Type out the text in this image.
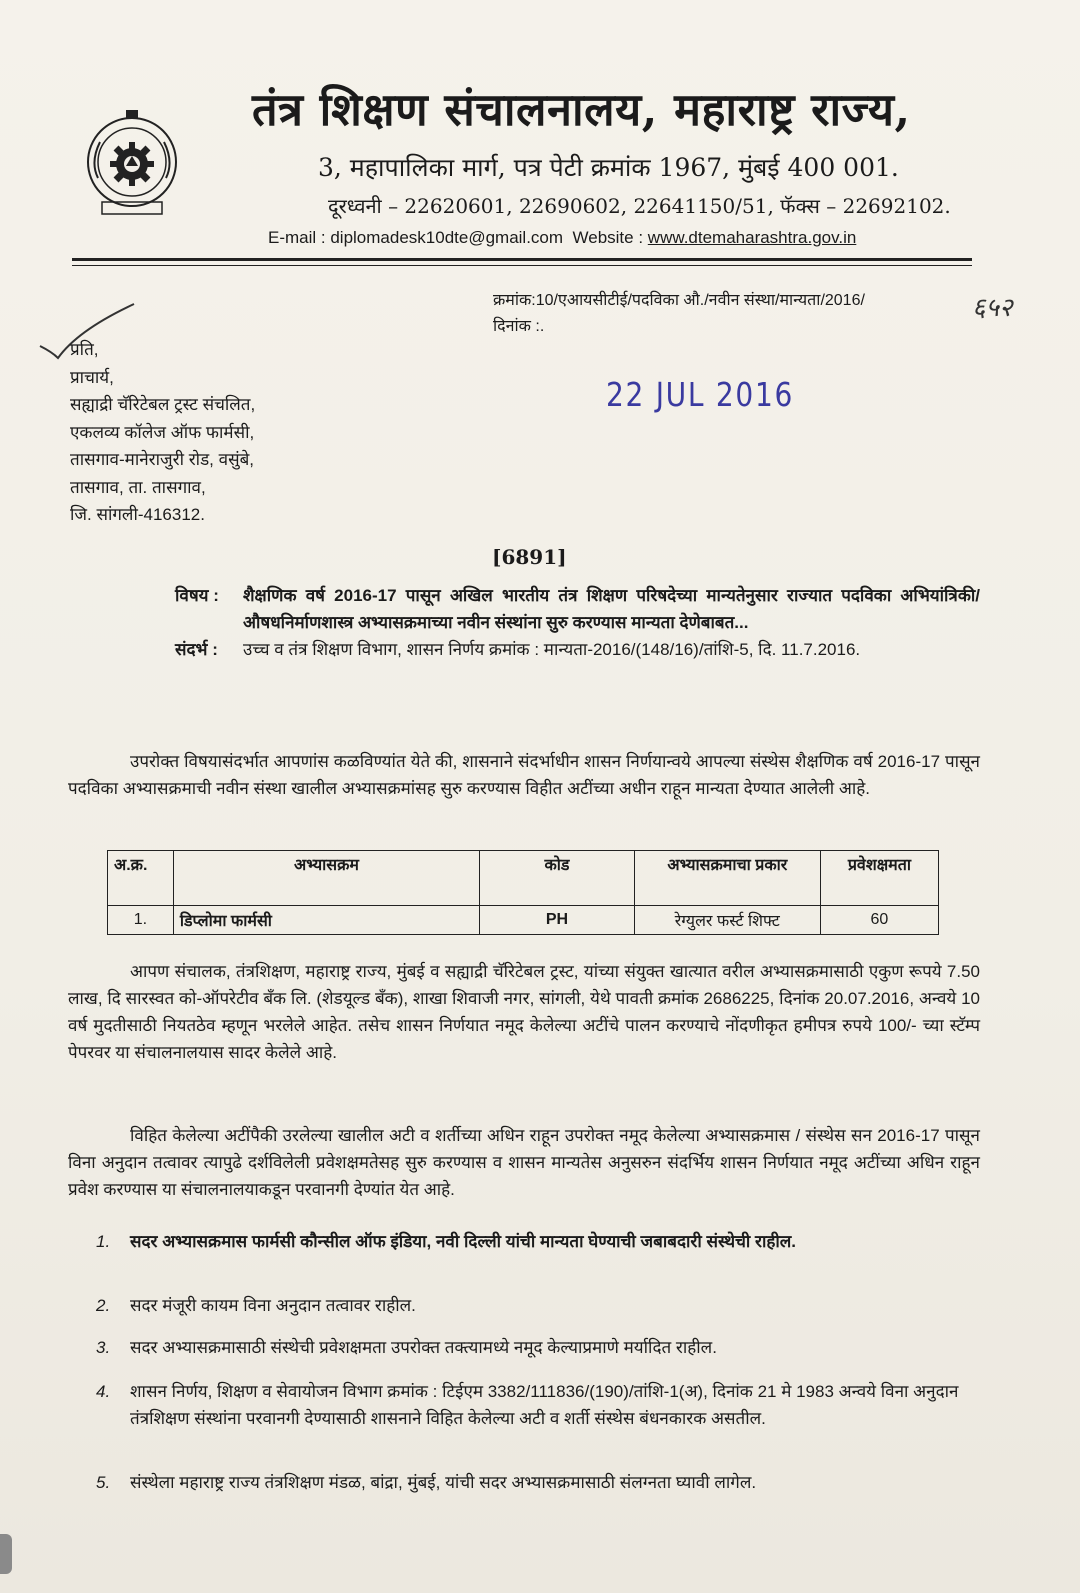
तंत्र शिक्षण संचालनालय, महाराष्ट्र राज्य,
3, महापालिका मार्ग, पत्र पेटी क्रमांक 1967, मुंबई 400 001.
दूरध्वनी – 22620601, 22690602, 22641150/51, फॅक्स – 22692102.
E-mail : diplomadesk10dte@gmail.com Website : www.dtemaharashtra.gov.in
क्रमांक:10/एआयसीटीई/पदविका औ./नवीन संस्था/मान्यता/2016/	६५२
दिनांक :.
22 JUL 2016
प्रति,
प्राचार्य,
सह्याद्री चॅरिटेबल ट्रस्ट संचलित,
एकलव्य कॉलेज ऑफ फार्मसी,
तासगाव-मानेराजुरी रोड, वसुंबे,
तासगाव, ता. तासगाव,
जि. सांगली-416312.
[6891]
विषय :	शैक्षणिक वर्ष 2016-17 पासून अखिल भारतीय तंत्र शिक्षण परिषदेच्या मान्यतेनुसार राज्यात पदविका अभियांत्रिकी/ औषधनिर्माणशास्त्र अभ्यासक्रमाच्या नवीन संस्थांना सुरु करण्यास मान्यता देणेबाबत...
संदर्भ :	उच्च व तंत्र शिक्षण विभाग, शासन निर्णय क्रमांक : मान्यता-2016/(148/16)/तांशि-5, दि. 11.7.2016.
उपरोक्त विषयासंदर्भात आपणांस कळविण्यांत येते की, शासनाने संदर्भाधीन शासन निर्णयान्वये आपल्या संस्थेस शैक्षणिक वर्ष 2016-17 पासून पदविका अभ्यासक्रमाची नवीन संस्था खालील अभ्यासक्रमांसह सुरु करण्यास विहीत अटींच्या अधीन राहून मान्यता देण्यात आलेली आहे.
अ.क्र.	अभ्यासक्रम	कोड	अभ्यासक्रमाचा प्रकार	प्रवेशक्षमता
1.	डिप्लोमा फार्मसी	PH	रेग्युलर फर्स्ट शिफ्ट	60
आपण संचालक, तंत्रशिक्षण, महाराष्ट्र राज्य, मुंबई व सह्याद्री चॅरिटेबल ट्रस्ट, यांच्या संयुक्त खात्यात वरील अभ्यासक्रमासाठी एकुण रूपये 7.50 लाख, दि सारस्वत को-ऑपरेटीव बँक लि. (शेडयूल्ड बँक), शाखा शिवाजी नगर, सांगली, येथे पावती क्रमांक 2686225, दिनांक 20.07.2016, अन्वये 10 वर्ष मुदतीसाठी नियतठेव म्हणून भरलेले आहेत. तसेच शासन निर्णयात नमूद केलेल्या अटींचे पालन करण्याचे नोंदणीकृत हमीपत्र रुपये 100/- च्या स्टॅम्प पेपरवर या संचालनालयास सादर केलेले आहे.
विहित केलेल्या अटींपैकी उरलेल्या खालील अटी व शर्तीच्या अधिन राहून उपरोक्त नमूद केलेल्या अभ्यासक्रमास / संस्थेस सन 2016-17 पासून विना अनुदान तत्वावर त्यापुढे दर्शविलेली प्रवेशक्षमतेसह सुरु करण्यास व शासन मान्यतेस अनुसरुन संदर्भिय शासन निर्णयात नमूद अटींच्या अधिन राहून प्रवेश करण्यास या संचालनालयाकडून परवानगी देण्यांत येत आहे.
1.	सदर अभ्यासक्रमास फार्मसी कौन्सील ऑफ इंडिया, नवी दिल्ली यांची मान्यता घेण्याची जबाबदारी संस्थेची राहील.
2.	सदर मंजूरी कायम विना अनुदान तत्वावर राहील.
3.	सदर अभ्यासक्रमासाठी संस्थेची प्रवेशक्षमता उपरोक्त तक्त्यामध्ये नमूद केल्याप्रमाणे मर्यादित राहील.
4.	शासन निर्णय, शिक्षण व सेवायोजन विभाग क्रमांक : टिईएम 3382/111836/(190)/तांशि-1(अ), दिनांक 21 मे 1983 अन्वये विना अनुदान तंत्रशिक्षण संस्थांना परवानगी देण्यासाठी शासनाने विहित केलेल्या अटी व शर्ती संस्थेस बंधनकारक असतील.
5.	संस्थेला महाराष्ट्र राज्य तंत्रशिक्षण मंडळ, बांद्रा, मुंबई, यांची सदर अभ्यासक्रमासाठी संलग्नता घ्यावी लागेल.
